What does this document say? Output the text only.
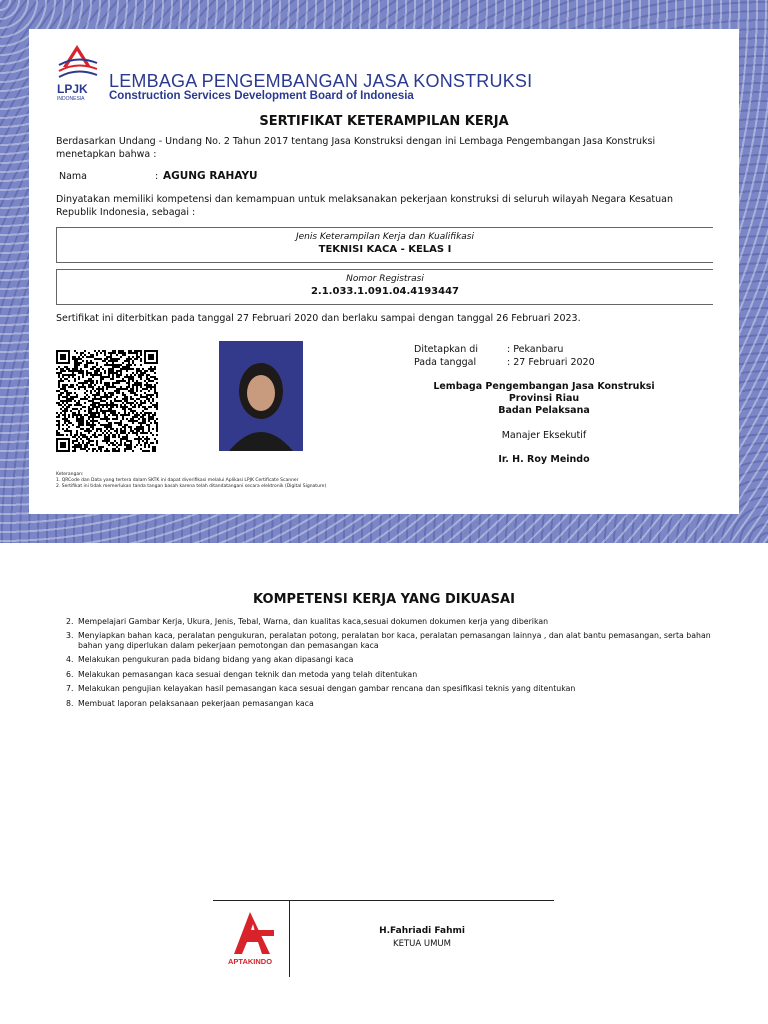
LPJK
INDONESIA
LEMBAGA PENGEMBANGAN JASA KONSTRUKSI
Construction Services Development Board of Indonesia
SERTIFIKAT KETERAMPILAN KERJA
Berdasarkan Undang - Undang No. 2 Tahun 2017 tentang Jasa Konstruksi dengan ini Lembaga Pengembangan Jasa Konstruksi menetapkan bahwa :
Nama	: AGUNG RAHAYU
Dinyatakan memiliki kompetensi dan kemampuan untuk melaksanakan pekerjaan konstruksi di seluruh wilayah Negara Kesatuan Republik Indonesia, sebagai :
Jenis Keterampilan Kerja dan Kualifikasi
TEKNISI KACA - KELAS I
Nomor Registrasi
2.1.033.1.091.04.4193447
Sertifikat ini diterbitkan pada tanggal 27 Februari 2020 dan berlaku sampai dengan tanggal 26 Februari 2023.
Ditetapkan di	: Pekanbaru
Pada tanggal	: 27 Februari 2020
Lembaga Pengembangan Jasa Konstruksi
Provinsi Riau
Badan Pelaksana
Manajer Eksekutif
Ir. H. Roy Meindo
Keterangan:
1. QRCode dan Data yang tertera dalam SKTK ini dapat diverifikasi melalui Aplikasi LPJK Certificate Scanner
2. Sertifikat ini tidak memerlukan tanda tangan basah karena telah ditandatangani secara elektronik (Digital Signature)
KOMPETENSI KERJA YANG DIKUASAI
2. Mempelajari Gambar Kerja, Ukura, Jenis, Tebal, Warna, dan kualitas kaca,sesuai dokumen dokumen kerja yang diberikan
3. Menyiapkan bahan kaca, peralatan pengukuran, peralatan potong, peralatan bor kaca, peralatan pemasangan lainnya , dan alat bantu pemasangan, serta bahan bahan yang diperlukan dalam pekerjaan pemotongan dan pemasangan kaca
4. Melakukan pengukuran pada bidang bidang yang akan dipasangi kaca
6. Melakukan pemasangan kaca sesuai dengan teknik dan metoda yang telah ditentukan
7. Melakukan pengujian kelayakan hasil pemasangan kaca sesuai dengan gambar rencana dan spesifikasi teknis yang ditentukan
8. Membuat laporan pelaksanaan pekerjaan pemasangan kaca
APTAKINDO
H.Fahriadi Fahmi
KETUA UMUM
